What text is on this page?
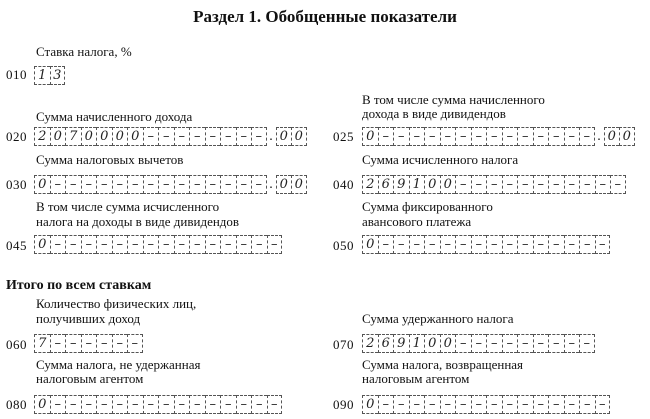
Раздел 1. Обобщенные показатели
Ставка налога, %
010 1 3
Сумма начисленного дохода
020 2 0 7 0 0 0 0 – – – – – – – – . 0 0
В том числе сумма начисленного
дохода в виде дивидендов
025 0 – – – – – – – – – – – – – – . 0 0
Сумма налоговых вычетов
030 0 – – – – – – – – – – – – – – . 0 0
Сумма исчисленного налога
040 2 6 9 1 0 0 – – – – – – – – – – –
В том числе сумма исчисленного
налога на доходы в виде дивидендов
045 0 – – – – – – – – – – – – – – –
Сумма фиксированного
авансового платежа
050 0 – – – – – – – – – – – – – – –
Итого по всем ставкам
Количество физических лиц,
получивших доход
060 7 – – – – – –
Сумма удержанного налога
070 2 6 9 1 0 0 – – – – – – – – –
Сумма налога, не удержанная
налоговым агентом
080 0 – – – – – – – – – – – – – – –
Сумма налога, возвращенная
налоговым агентом
090 0 – – – – – – – – – – – – – – –
